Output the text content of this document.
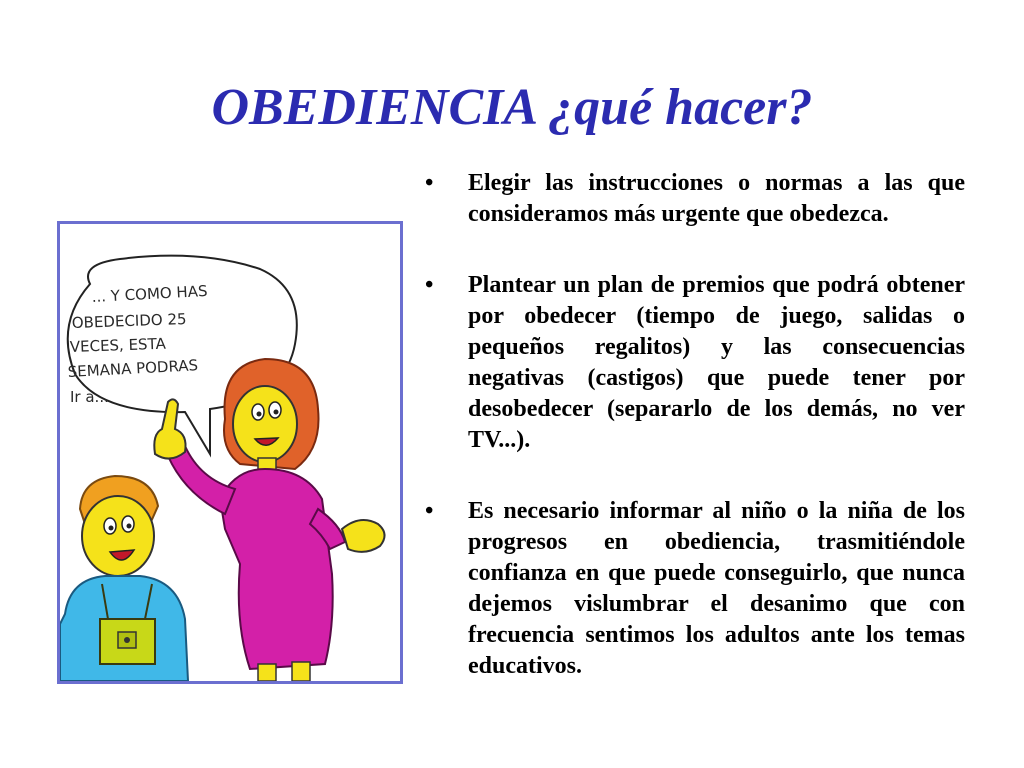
OBEDIENCIA ¿qué hacer?
... Y COMO HAS
OBEDECIDO 25
VECES, ESTA
SEMANA PODRAS
Ir a...
• Elegir las instrucciones o normas a las que consideramos más urgente que obedezca.
• Plantear un plan de premios que podrá obtener por obedecer (tiempo de juego, salidas o pequeños regalitos) y las consecuencias negativas (castigos) que puede tener por desobedecer (separarlo de los demás, no ver TV...).
• Es necesario informar al niño o la niña de los progresos en obediencia, trasmitiéndole confianza en que puede conseguirlo, que nunca dejemos vislumbrar el desanimo que con frecuencia sentimos los adultos ante los temas educativos.
